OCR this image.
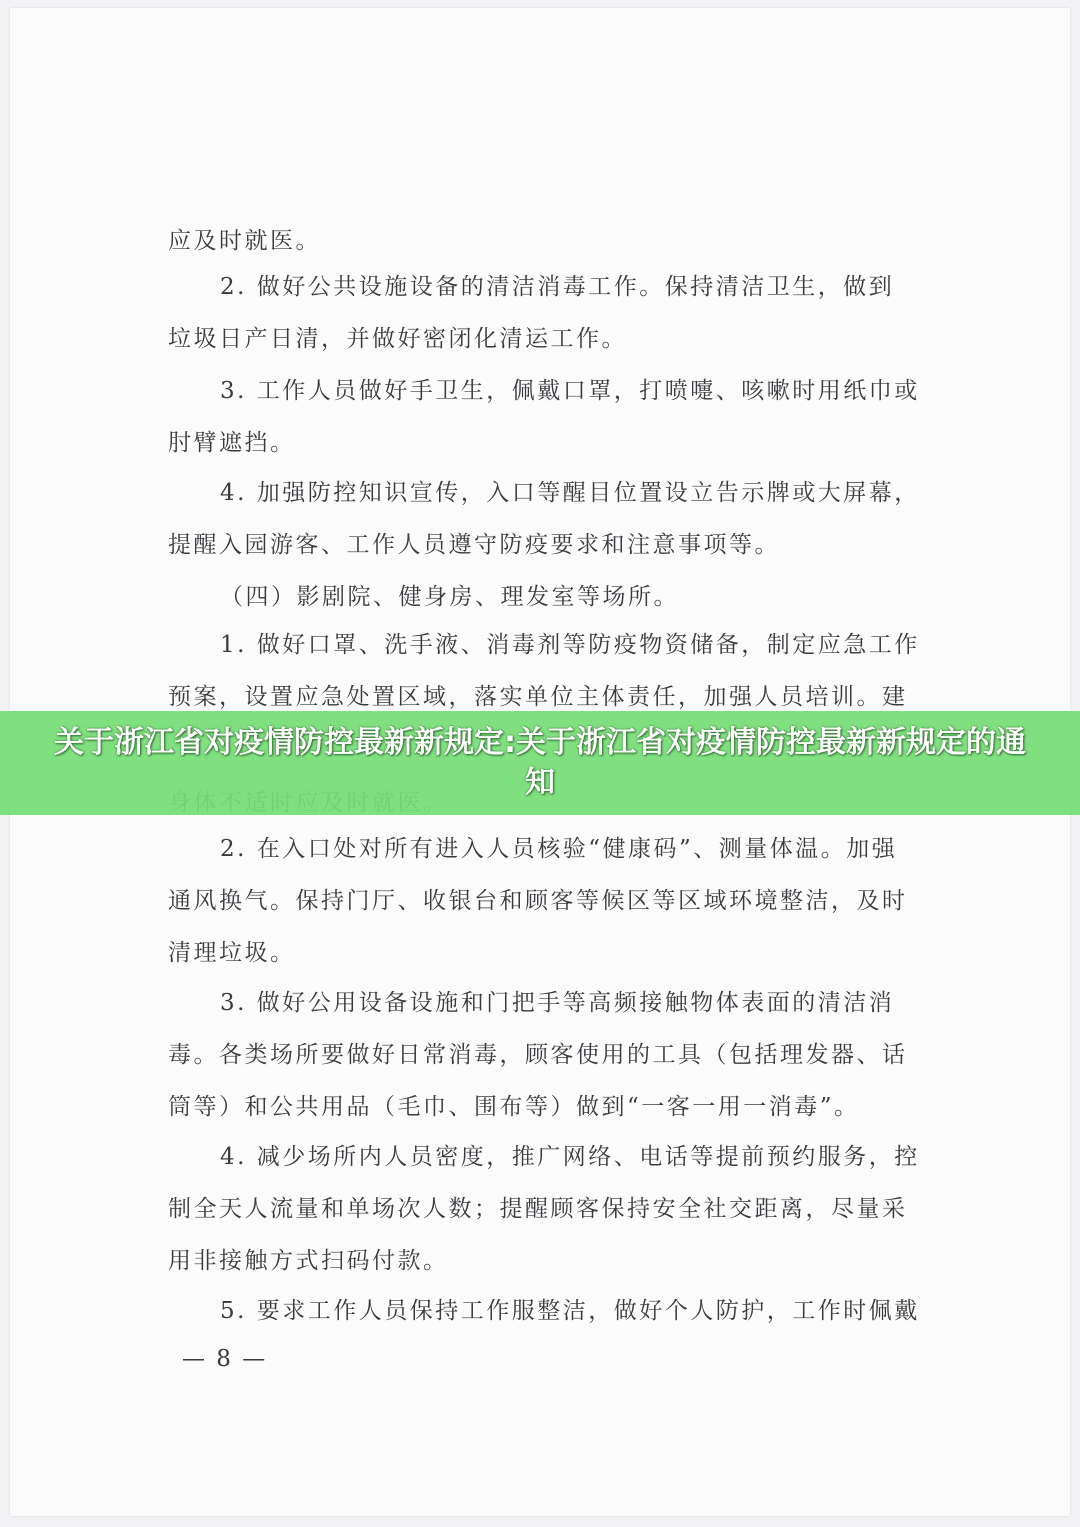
应及时就医。
2. 做好公共设施设备的清洁消毒工作。保持清洁卫生，做到
垃圾日产日清，并做好密闭化清运工作。
3. 工作人员做好手卫生，佩戴口罩，打喷嚏、咳嗽时用纸巾或
肘臂遮挡。
4. 加强防控知识宣传，入口等醒目位置设立告示牌或大屏幕，
提醒入园游客、工作人员遵守防疫要求和注意事项等。
（四）影剧院、健身房、理发室等场所。
1. 做好口罩、洗手液、消毒剂等防疫物资储备，制定应急工作
预案，设置应急处置区域，落实单位主体责任，加强人员培训。建
2. 在入口处对所有进入人员核验“健康码”、测量体温。加强
通风换气。保持门厅、收银台和顾客等候区等区域环境整洁，及时
清理垃圾。
3. 做好公用设备设施和门把手等高频接触物体表面的清洁消
毒。各类场所要做好日常消毒，顾客使用的工具（包括理发器、话
筒等）和公共用品（毛巾、围布等）做到“一客一用一消毒”。
4. 减少场所内人员密度，推广网络、电话等提前预约服务，控
制全天人流量和单场次人数；提醒顾客保持安全社交距离，尽量采
用非接触方式扫码付款。
5. 要求工作人员保持工作服整洁，做好个人防护，工作时佩戴
— 8 —
关于浙江省对疫情防控最新新规定:关于浙江省对疫情防控最新新规定的通知
